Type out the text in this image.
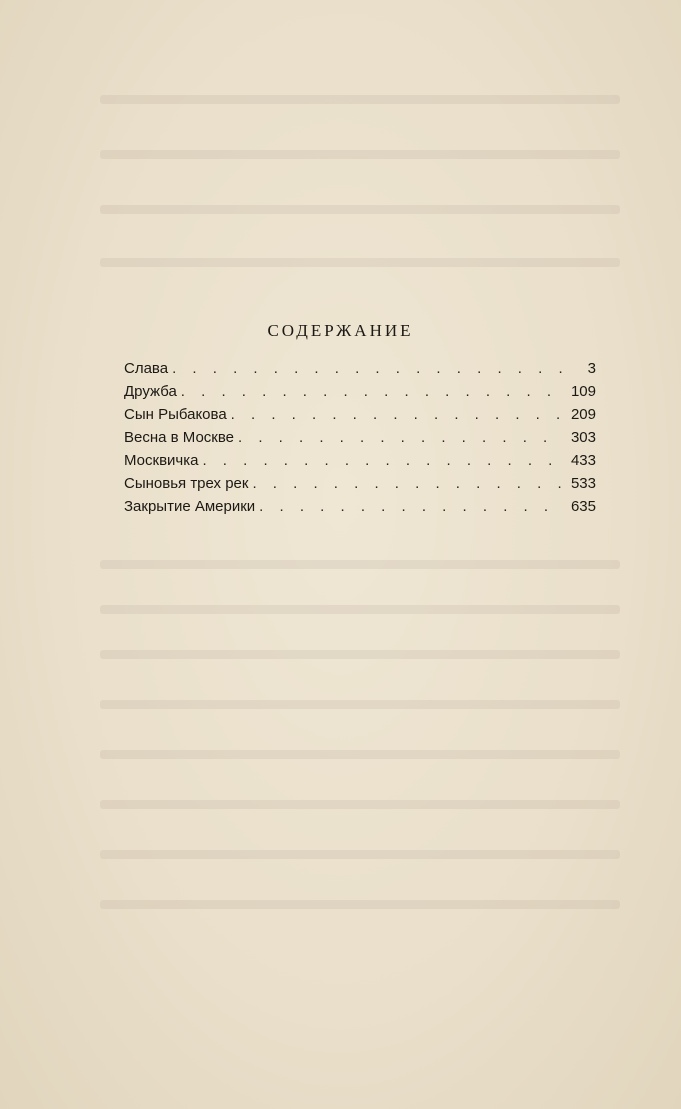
СОДЕРЖАНИЕ
Слава . . .	3
Дружба . . .	109
Сын Рыбакова . . .	209
Весна в Москве . . .	303
Москвичка . . .	433
Сыновья трех рек . . .	533
Закрытие Америки . . .	635
